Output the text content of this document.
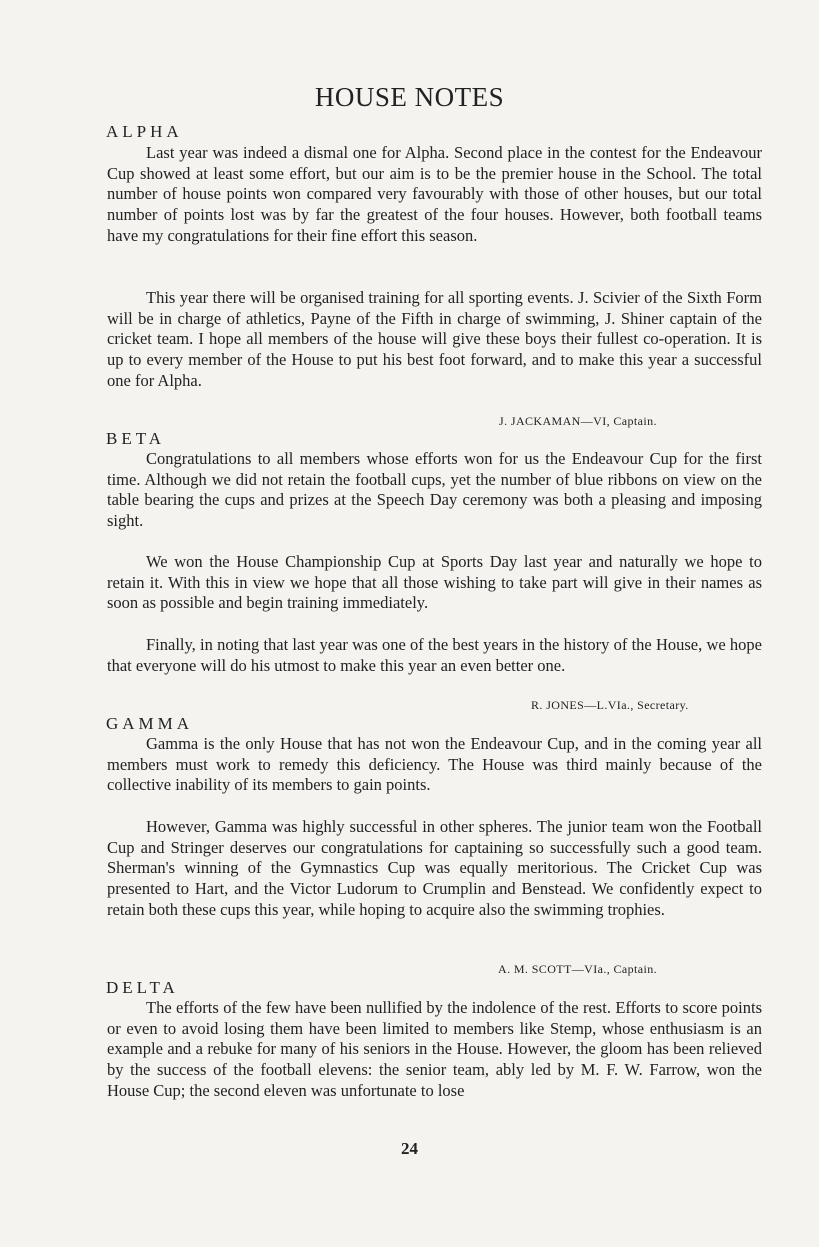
HOUSE NOTES
ALPHA

Last year was indeed a dismal one for Alpha. Second place in the contest for the Endeavour Cup showed at least some effort, but our aim is to be the premier house in the School. The total number of house points won compared very favourably with those of other houses, but our total number of points lost was by far the greatest of the four houses. However, both football teams have my congratulations for their fine effort this season.

This year there will be organised training for all sporting events. J. Scivier of the Sixth Form will be in charge of athletics, Payne of the Fifth in charge of swimming, J. Shiner captain of the cricket team. I hope all members of the house will give these boys their fullest co-operation. It is up to every member of the House to put his best foot forward, and to make this year a successful one for Alpha.

J. JACKAMAN—VI, Captain.
BETA

Congratulations to all members whose efforts won for us the Endeavour Cup for the first time. Although we did not retain the football cups, yet the number of blue ribbons on view on the table bearing the cups and prizes at the Speech Day ceremony was both a pleasing and imposing sight.

We won the House Championship Cup at Sports Day last year and naturally we hope to retain it. With this in view we hope that all those wishing to take part will give in their names as soon as possible and begin training immediately.

Finally, in noting that last year was one of the best years in the history of the House, we hope that everyone will do his utmost to make this year an even better one.

R. JONES—L.VIa., Secretary.
GAMMA

Gamma is the only House that has not won the Endeavour Cup, and in the coming year all members must work to remedy this deficiency. The House was third mainly because of the collective inability of its members to gain points.

However, Gamma was highly successful in other spheres. The junior team won the Football Cup and Stringer deserves our congratulations for captaining so successfully such a good team. Sherman's winning of the Gymnastics Cup was equally meritorious. The Cricket Cup was presented to Hart, and the Victor Ludorum to Crumplin and Benstead. We confidently expect to retain both these cups this year, while hoping to acquire also the swimming trophies.

A. M. SCOTT—VIa., Captain.
DELTA

The efforts of the few have been nullified by the indolence of the rest. Efforts to score points or even to avoid losing them have been limited to members like Stemp, whose enthusiasm is an example and a rebuke for many of his seniors in the House. However, the gloom has been relieved by the success of the football elevens: the senior team, ably led by M. F. W. Farrow, won the House Cup; the second eleven was unfortunate to lose

24
